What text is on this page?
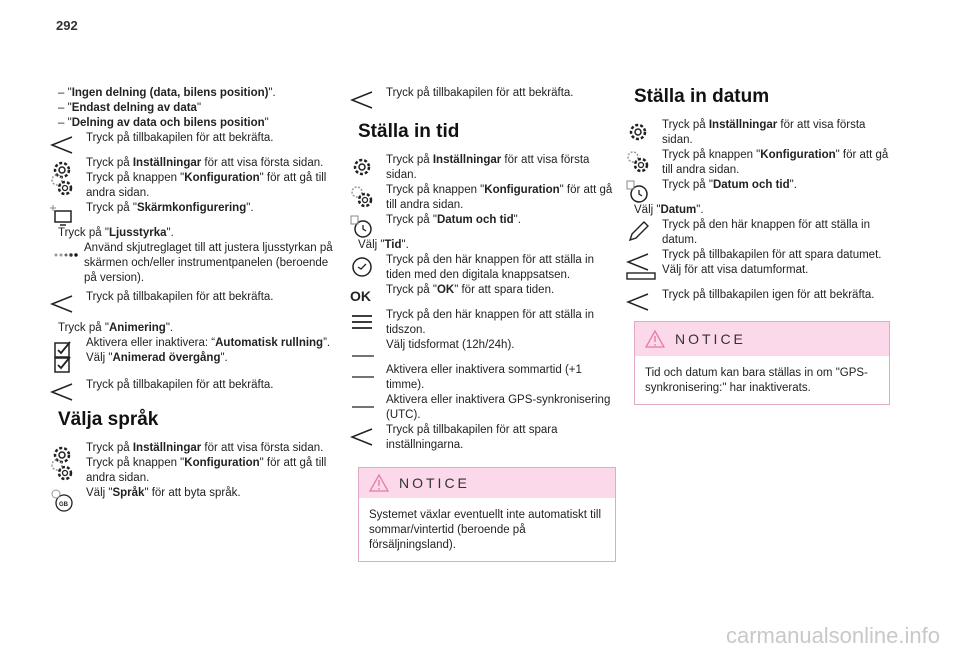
292
– "Ingen delning (data, bilens position)".
– "Endast delning av data"
– "Delning av data och bilens position"
Tryck på tillbakapilen för att bekräfta.
Tryck på Inställningar för att visa första sidan.
Tryck på knappen "Konfiguration" för att gå till andra sidan.
Tryck på "Skärmkonfigurering".
Tryck på "Ljusstyrka".
Använd skjutreglaget till att justera ljusstyrkan på skärmen och/eller instrumentpanelen (beroende på version).
Tryck på tillbakapilen för att bekräfta.
Tryck på "Animering".
Aktivera eller inaktivera: “Automatisk rullning”.
Välj "Animerad övergång".
Tryck på tillbakapilen för att bekräfta.
Välja språk
Tryck på Inställningar för att visa första sidan.
Tryck på knappen "Konfiguration" för att gå till andra sidan.
GB
Välj "Språk" för att byta språk.
Tryck på tillbakapilen för att bekräfta.
Ställa in tid
Tryck på Inställningar för att visa första sidan.
Tryck på knappen "Konfiguration" för att gå till andra sidan.
Tryck på "Datum och tid".
Välj "Tid".
Tryck på den här knappen för att ställa in tiden med den digitala knappsatsen.
OK Tryck på "OK" för att spara tiden.
Tryck på den här knappen för att ställa in tidszon.
Välj tidsformat (12h/24h).
Aktivera eller inaktivera sommartid (+1 timme).
Aktivera eller inaktivera GPS-synkronisering (UTC).
Tryck på tillbakapilen för att spara inställningarna.
NOTICE
Systemet växlar eventuellt inte automatiskt till sommar/vintertid (beroende på försäljningsland).
Ställa in datum
Tryck på Inställningar för att visa första sidan.
Tryck på knappen "Konfiguration" för att gå till andra sidan.
Tryck på "Datum och tid".
Välj "Datum".
Tryck på den här knappen för att ställa in datum.
Tryck på tillbakapilen för att spara datumet.
Välj för att visa datumformat.
Tryck på tillbakapilen igen för att bekräfta.
NOTICE
Tid och datum kan bara ställas in om "GPS-synkronisering:" har inaktiverats.
carmanualsonline.info
